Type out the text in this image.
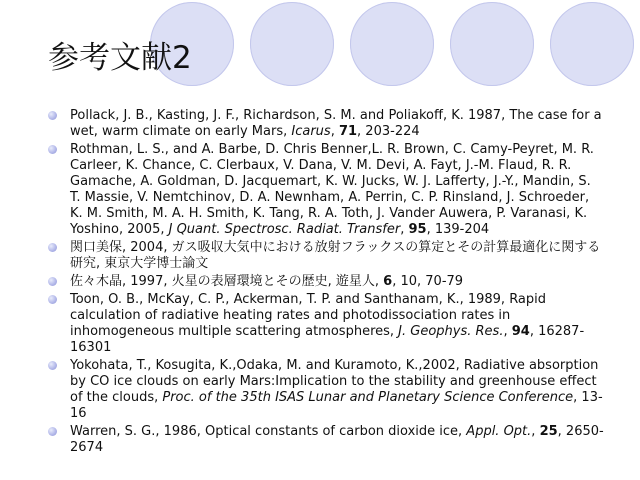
参考文献2
Pollack, J. B., Kasting, J. F., Richardson, S. M. and Poliakoff, K. 1987, The case for a wet, warm climate on early Mars, Icarus, 71, 203-224
Rothman, L. S., and A. Barbe, D. Chris Benner,L. R. Brown, C. Camy-Peyret, M. R. Carleer, K. Chance, C. Clerbaux, V. Dana, V. M. Devi, A. Fayt, J.-M. Flaud, R. R. Gamache, A. Goldman, D. Jacquemart, K. W. Jucks, W. J. Lafferty, J.-Y., Mandin, S. T. Massie, V. Nemtchinov, D. A. Newnham, A. Perrin, C. P. Rinsland, J. Schroeder, K. M. Smith, M. A. H. Smith, K. Tang, R. A. Toth, J. Vander Auwera, P. Varanasi, K. Yoshino, 2005, J Quant. Spectrosc. Radiat. Transfer, 95, 139-204
関口美保, 2004, ガス吸収大気中における放射フラックスの算定とその計算最適化に関する研究, 東京大学博士論文
佐々木晶, 1997, 火星の表層環境とその歴史, 遊星人, 6, 10, 70-79
Toon, O. B., McKay, C. P., Ackerman, T. P. and Santhanam, K., 1989, Rapid calculation of radiative heating rates and photodissociation rates in inhomogeneous multiple scattering atmospheres, J. Geophys. Res., 94, 16287-16301
Yokohata, T., Kosugita, K.,Odaka, M. and Kuramoto, K.,2002, Radiative absorption by CO ice clouds on early Mars:Implication to the stability and greenhouse effect of the clouds, Proc. of the 35th ISAS Lunar and Planetary Science Conference, 13-16
Warren, S. G., 1986, Optical constants of carbon dioxide ice, Appl. Opt., 25, 2650-2674
